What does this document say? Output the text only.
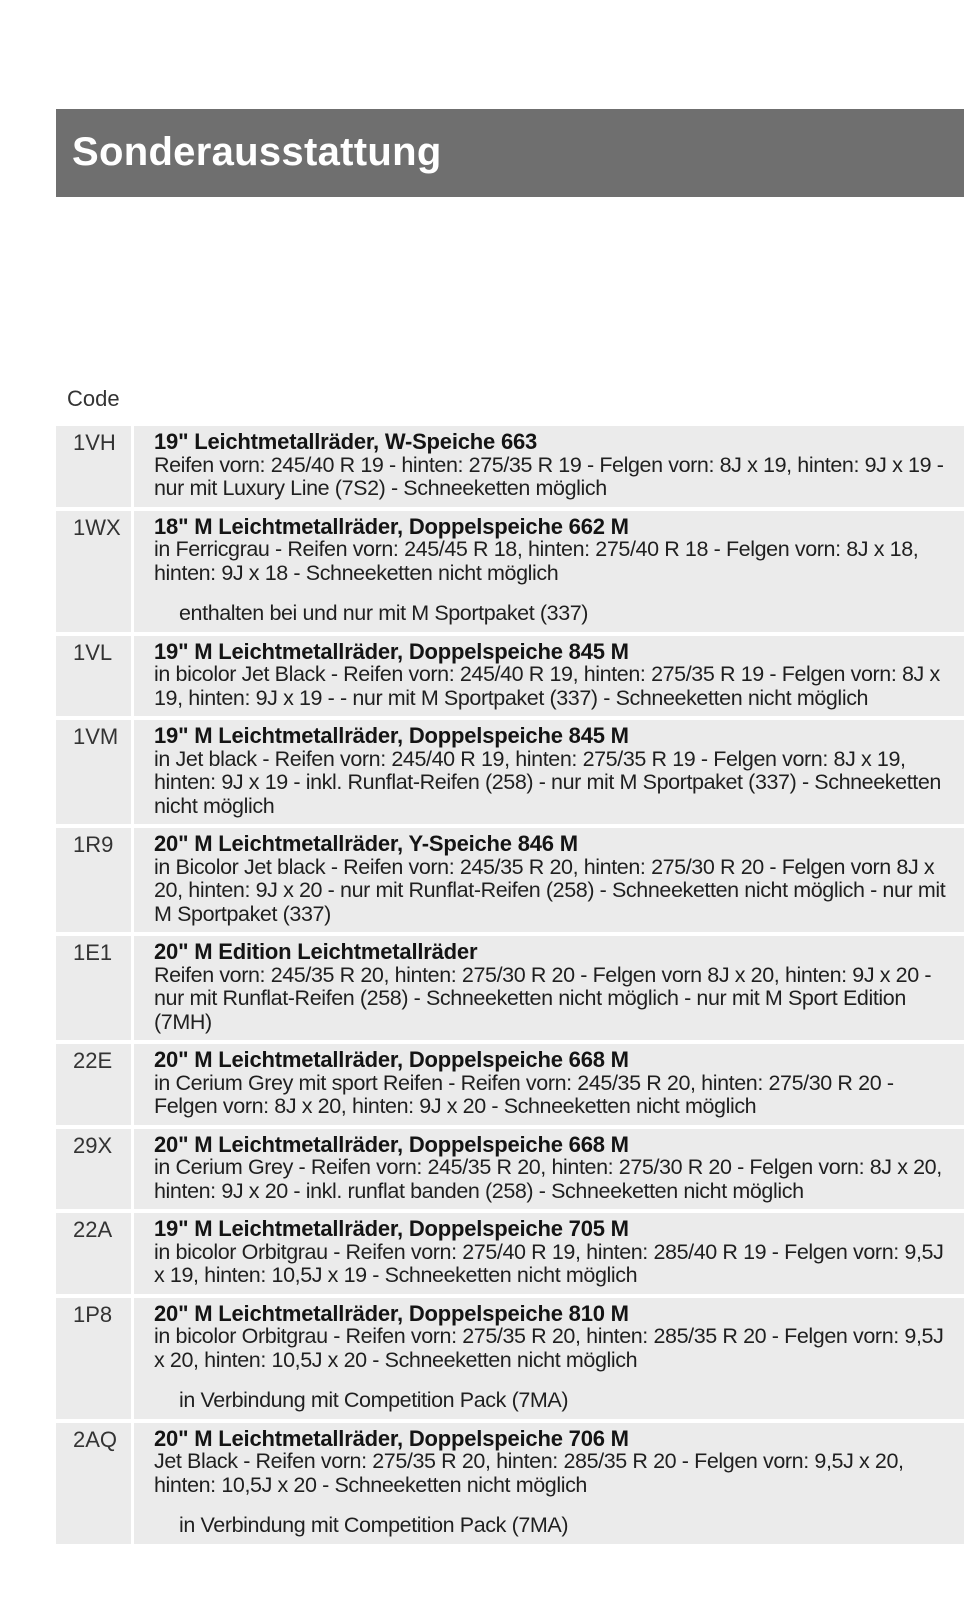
Sonderausstattung
Code
1VH	19" Leichtmetallräder, W-Speiche 663
Reifen vorn: 245/40 R 19 - hinten: 275/35 R 19 - Felgen vorn: 8J x 19, hinten: 9J x 19 - nur mit Luxury Line (7S2) - Schneeketten möglich
1WX	18" M Leichtmetallräder, Doppelspeiche 662 M
in Ferricgrau - Reifen vorn: 245/45 R 18, hinten: 275/40 R 18 - Felgen vorn: 8J x 18, hinten: 9J x 18 - Schneeketten nicht möglich
enthalten bei und nur mit M Sportpaket (337)
1VL	19" M Leichtmetallräder, Doppelspeiche 845 M
in bicolor Jet Black - Reifen vorn: 245/40 R 19, hinten: 275/35 R 19 - Felgen vorn: 8J x 19, hinten: 9J x 19 - - nur mit M Sportpaket (337) - Schneeketten nicht möglich
1VM	19" M Leichtmetallräder, Doppelspeiche 845 M
in Jet black - Reifen vorn: 245/40 R 19, hinten: 275/35 R 19 - Felgen vorn: 8J x 19, hinten: 9J x 19 - inkl. Runflat-Reifen (258) - nur mit M Sportpaket (337) - Schneeketten nicht möglich
1R9	20" M Leichtmetallräder, Y-Speiche 846 M
in Bicolor Jet black - Reifen vorn: 245/35 R 20, hinten: 275/30 R 20 - Felgen vorn 8J x 20, hinten: 9J x 20 - nur mit Runflat-Reifen (258) - Schneeketten nicht möglich - nur mit M Sportpaket (337)
1E1	20" M Edition Leichtmetallräder
Reifen vorn: 245/35 R 20, hinten: 275/30 R 20 - Felgen vorn 8J x 20, hinten: 9J x 20 - nur mit Runflat-Reifen (258) - Schneeketten nicht möglich - nur mit M Sport Edition (7MH)
22E	20" M Leichtmetallräder, Doppelspeiche 668 M
in Cerium Grey mit sport Reifen - Reifen vorn: 245/35 R 20, hinten: 275/30 R 20 - Felgen vorn: 8J x 20, hinten: 9J x 20 - Schneeketten nicht möglich
29X	20" M Leichtmetallräder, Doppelspeiche 668 M
in Cerium Grey - Reifen vorn: 245/35 R 20, hinten: 275/30 R 20 - Felgen vorn: 8J x 20, hinten: 9J x 20 - inkl. runflat banden (258) - Schneeketten nicht möglich
22A	19" M Leichtmetallräder, Doppelspeiche 705 M
in bicolor Orbitgrau - Reifen vorn: 275/40 R 19, hinten: 285/40 R 19 - Felgen vorn: 9,5J x 19, hinten: 10,5J x 19 - Schneeketten nicht möglich
1P8	20" M Leichtmetallräder, Doppelspeiche 810 M
in bicolor Orbitgrau - Reifen vorn: 275/35 R 20, hinten: 285/35 R 20 - Felgen vorn: 9,5J x 20, hinten: 10,5J x 20 - Schneeketten nicht möglich
in Verbindung mit Competition Pack (7MA)
2AQ	20" M Leichtmetallräder, Doppelspeiche 706 M
Jet Black - Reifen vorn: 275/35 R 20, hinten: 285/35 R 20 - Felgen vorn: 9,5J x 20, hinten: 10,5J x 20 - Schneeketten nicht möglich
in Verbindung mit Competition Pack (7MA)
